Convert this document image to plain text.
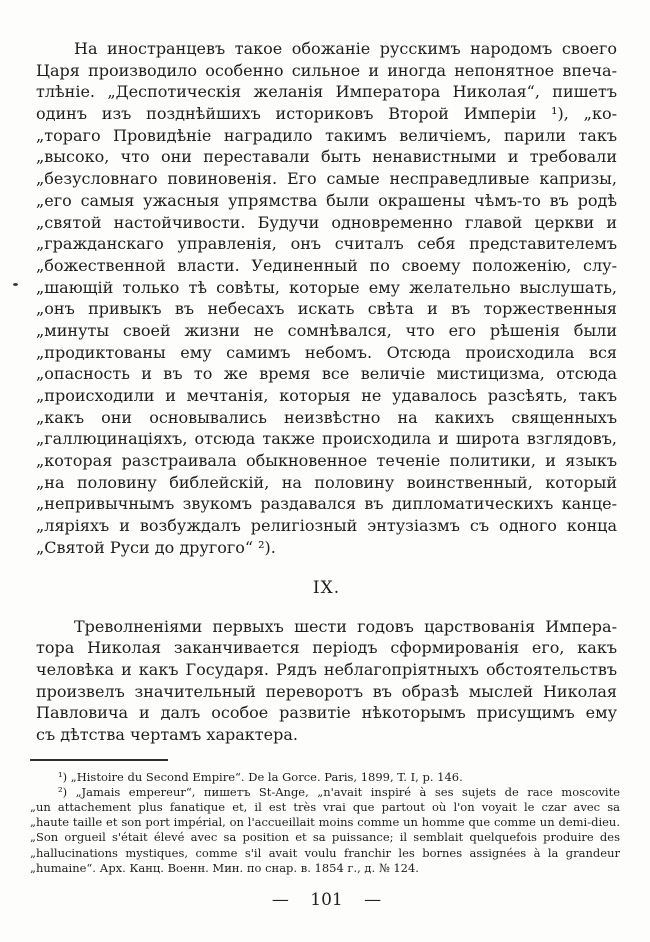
На иностранцевъ такое обожаніе русскимъ народомъ своего
Царя производило особенно сильное и иногда непонятное впеча-
тлѣніе. „Деспотическія желанія Императора Николая“, пишетъ
одинъ изъ позднѣйшихъ историковъ Второй Имперіи ¹), „ко-
„тораго Провидѣніе наградило такимъ величіемъ, парили такъ
„высоко, что они переставали быть ненавистными и требовали
„безусловнаго повиновенія. Его самые несправедливые капризы,
„его самыя ужасныя упрямства были окрашены чѣмъ-то въ родѣ
„святой настойчивости. Будучи одновременно главой церкви и
„гражданскаго управленія, онъ считалъ себя представителемъ
„божественной власти. Уединенный по своему положенію, слу-
„шающій только тѣ совѣты, которые ему желательно выслушать,
„онъ привыкъ въ небесахъ искать свѣта и въ торжественныя
„минуты своей жизни не сомнѣвался, что его рѣшенія были
„продиктованы ему самимъ небомъ. Отсюда происходила вся
„опасность и въ то же время все величіе мистицизма, отсюда
„происходили и мечтанія, которыя не удавалось разсѣять, такъ
„какъ они основывались неизвѣстно на какихъ священныхъ
„галлюцинаціяхъ, отсюда также происходила и широта взглядовъ,
„которая разстраивала обыкновенное теченіе политики, и языкъ
„на половину библейскій, на половину воинственный, который
„непривычнымъ звукомъ раздавался въ дипломатическихъ канце-
„ляріяхъ и возбуждалъ религіозный энтузіазмъ съ одного конца
„Святой Руси до другого“ ²).
IX.
Треволненіями первыхъ шести годовъ царствованія Импера-
тора Николая заканчивается періодъ сформированія его, какъ
человѣка и какъ Государя. Рядъ неблагопріятныхъ обстоятельствъ
произвелъ значительный переворотъ въ образѣ мыслей Николая
Павловича и далъ особое развитіе нѣкоторымъ присущимъ ему
съ дѣтства чертамъ характера.
¹) „Histoire du Second Empire“. De la Gorce. Paris, 1899, T. I, p. 146.
²) „Jamais empereur“, пишетъ St-Ange, „n'avait inspiré à ses sujets de race moscovite
„un attachement plus fanatique et, il est très vrai que partout où l'on voyait le czar avec sa
„haute taille et son port impérial, on l'accueillait moins comme un homme que comme un demi-dieu.
„Son orgueil s'était élevé avec sa position et sa puissance; il semblait quelquefois produire des
„hallucinations mystiques, comme s'il avait voulu franchir les bornes assignées à la grandeur
„humaine“. Арх. Канц. Военн. Мин. по снар. в. 1854 г., д. № 124.
— 101 —
